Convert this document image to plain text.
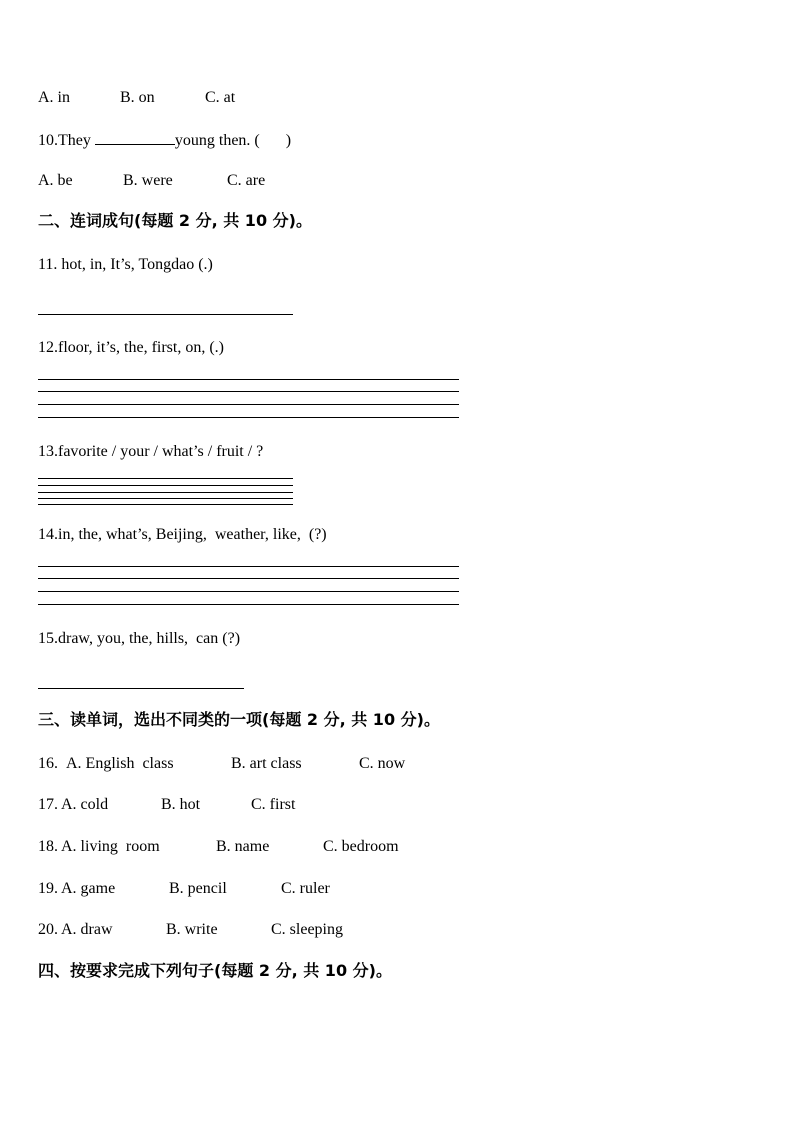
A. in	B. on	C. at
10.They	young then. ( )
A. be	B. were	C. are
二、连词成句(每题 2 分, 共 10 分)。
11. hot, in, It’s, Tongdao (.)
12.floor, it’s, the, first, on, (.)
13.favorite / your / what’s / fruit / ?
14.in, the, what’s, Beijing,  weather, like,  (?)
15.draw, you, the, hills,  can (?)
三、读单词，选出不同类的一项(每题 2 分, 共 10 分)。
16. A. English  class	B. art class	C. now
17. A. cold	B. hot	C. first
18. A. living  room	B. name	C. bedroom
19. A. game	B. pencil	C. ruler
20. A. draw	B. write	C. sleeping
四、按要求完成下列句子(每题 2 分, 共 10 分)。
